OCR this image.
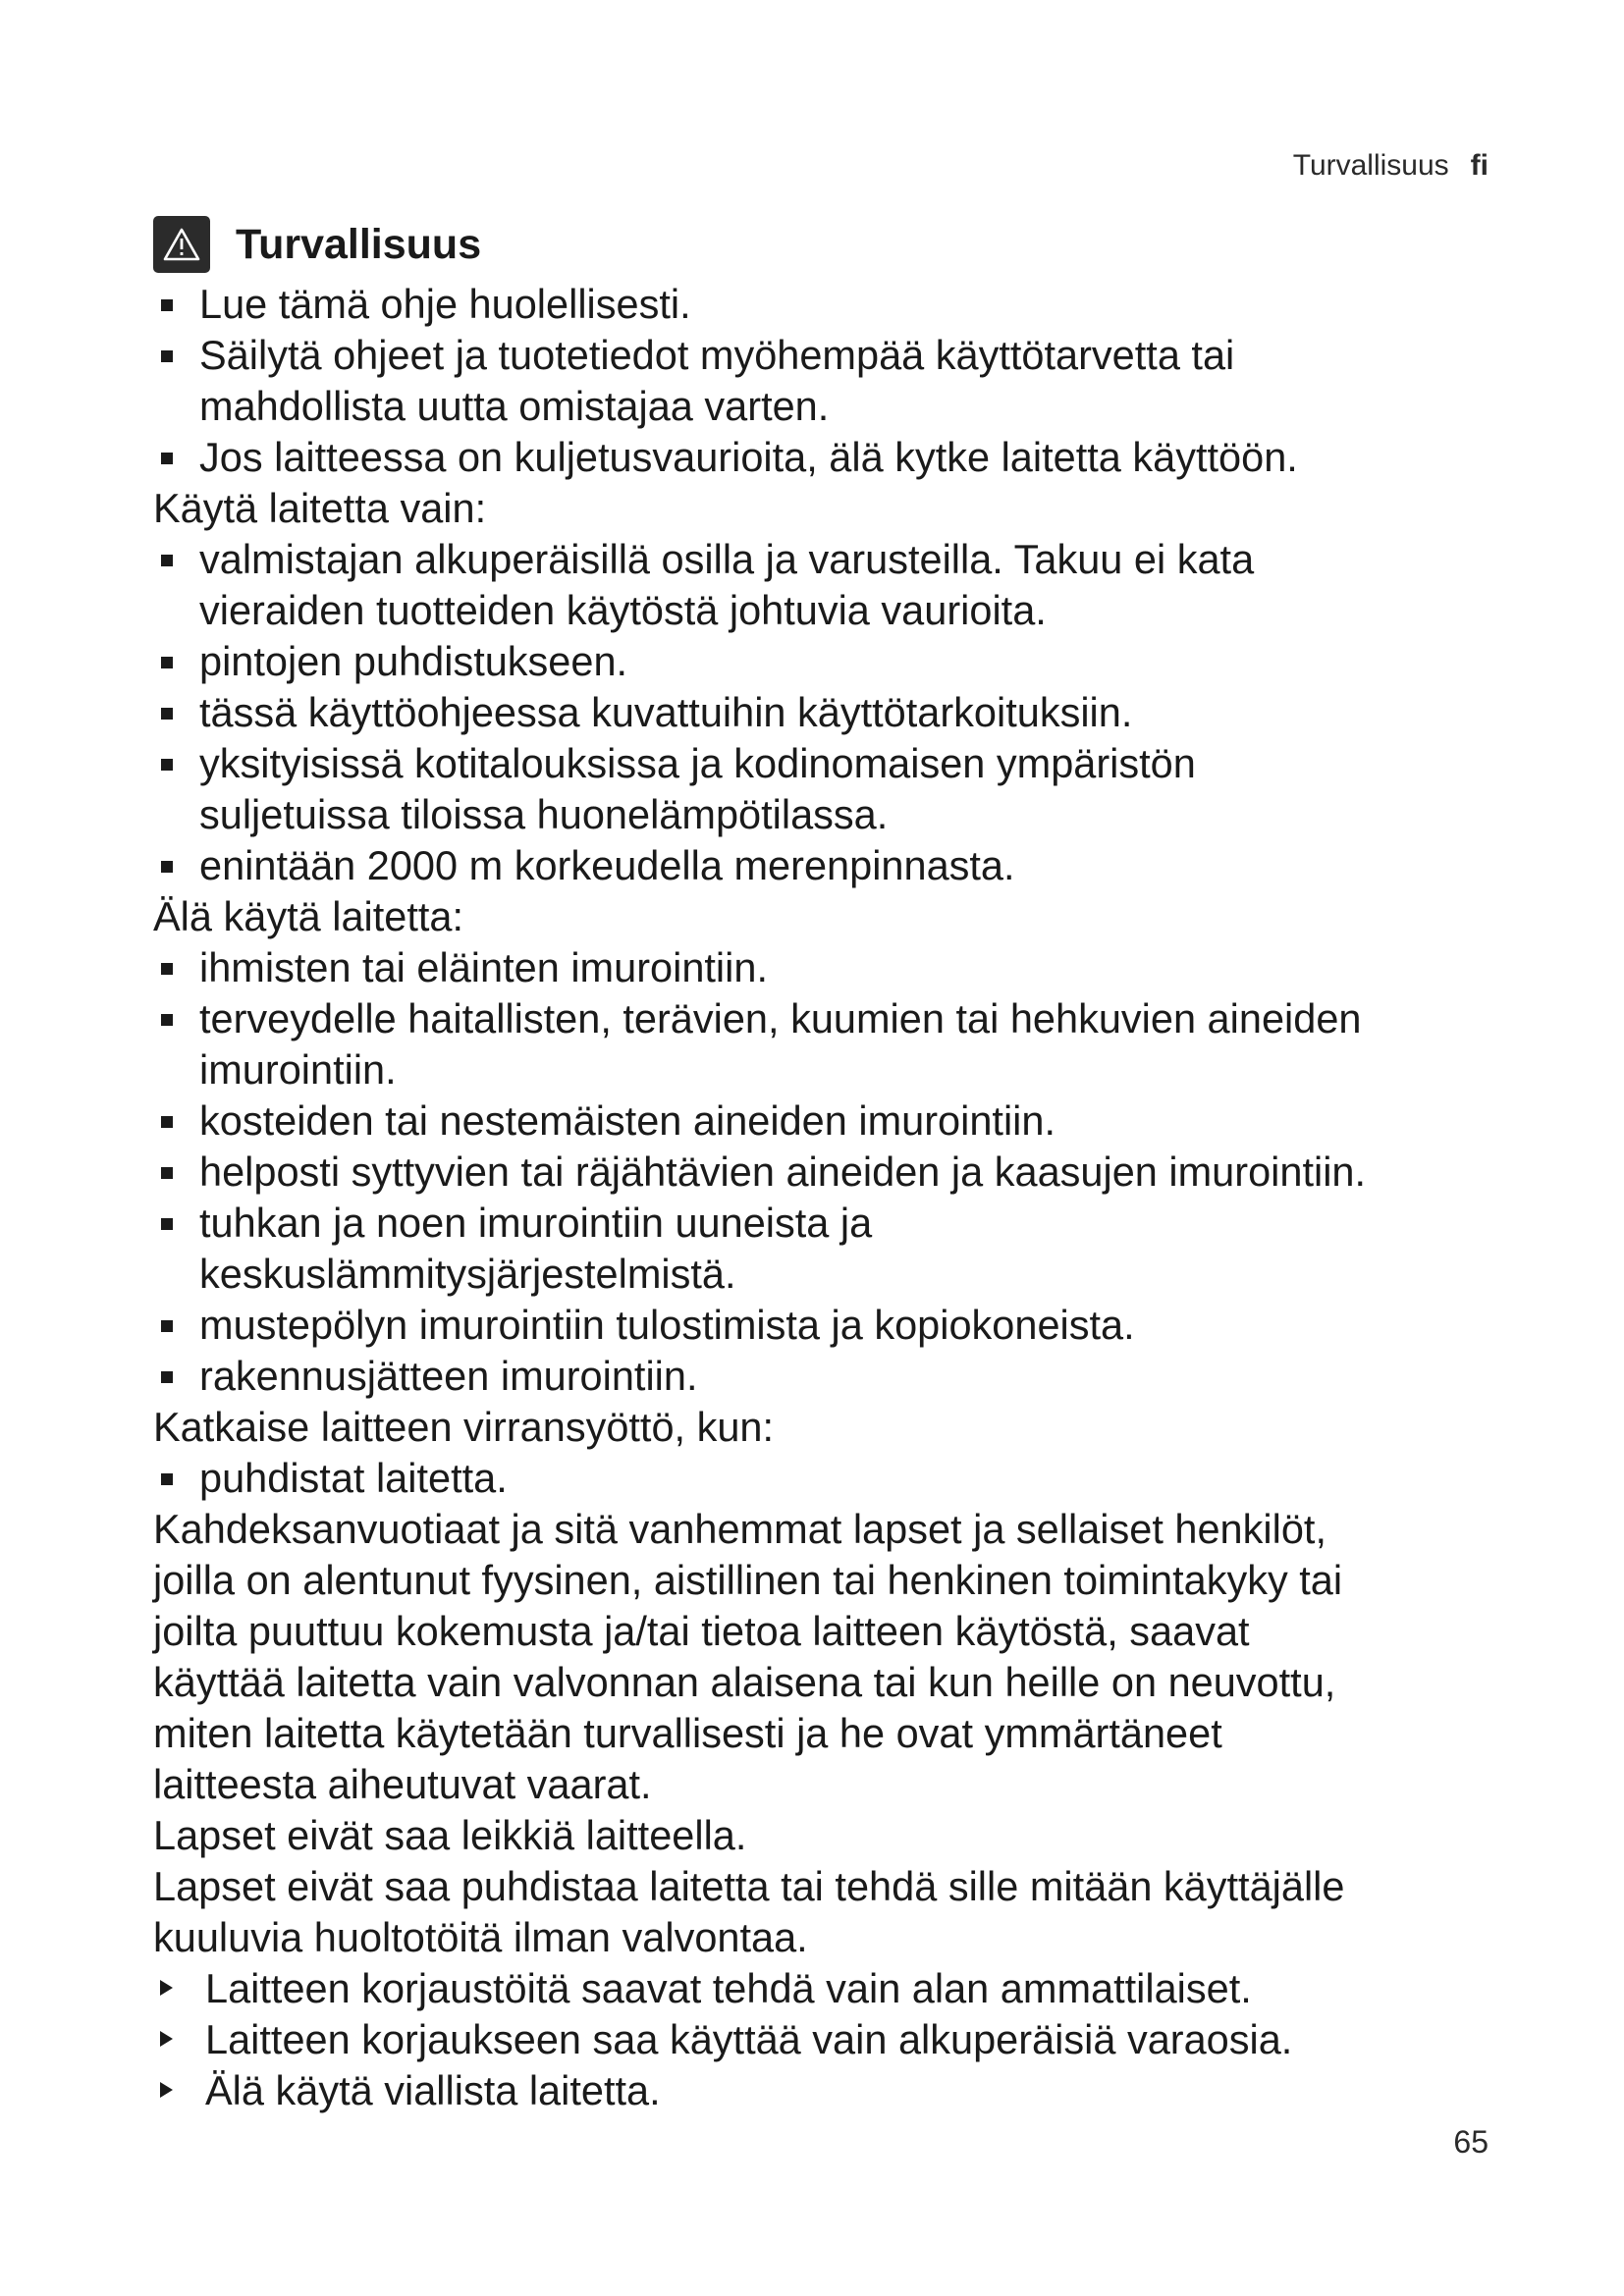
Turvallisuus fi
Turvallisuus
Lue tämä ohje huolellisesti.
Säilytä ohjeet ja tuotetiedot myöhempää käyttötarvetta tai
mahdollista uutta omistajaa varten.
Jos laitteessa on kuljetusvaurioita, älä kytke laitetta käyttöön.
Käytä laitetta vain:
valmistajan alkuperäisillä osilla ja varusteilla. Takuu ei kata
vieraiden tuotteiden käytöstä johtuvia vaurioita.
pintojen puhdistukseen.
tässä käyttöohjeessa kuvattuihin käyttötarkoituksiin.
yksityisissä kotitalouksissa ja kodinomaisen ympäristön
suljetuissa tiloissa huonelämpötilassa.
enintään 2000 m korkeudella merenpinnasta.
Älä käytä laitetta:
ihmisten tai eläinten imurointiin.
terveydelle haitallisten, terävien, kuumien tai hehkuvien aineiden
imurointiin.
kosteiden tai nestemäisten aineiden imurointiin.
helposti syttyvien tai räjähtävien aineiden ja kaasujen imurointiin.
tuhkan ja noen imurointiin uuneista ja
keskuslämmitysjärjestelmistä.
mustepölyn imurointiin tulostimista ja kopiokoneista.
rakennusjätteen imurointiin.
Katkaise laitteen virransyöttö, kun:
puhdistat laitetta.
Kahdeksanvuotiaat ja sitä vanhemmat lapset ja sellaiset henkilöt,
joilla on alentunut fyysinen, aistillinen tai henkinen toimintakyky tai
joilta puuttuu kokemusta ja/tai tietoa laitteen käytöstä, saavat
käyttää laitetta vain valvonnan alaisena tai kun heille on neuvottu,
miten laitetta käytetään turvallisesti ja he ovat ymmärtäneet
laitteesta aiheutuvat vaarat.
Lapset eivät saa leikkiä laitteella.
Lapset eivät saa puhdistaa laitetta tai tehdä sille mitään käyttäjälle
kuuluvia huoltotöitä ilman valvontaa.
Laitteen korjaustöitä saavat tehdä vain alan ammattilaiset.
Laitteen korjaukseen saa käyttää vain alkuperäisiä varaosia.
Älä käytä viallista laitetta.
65
